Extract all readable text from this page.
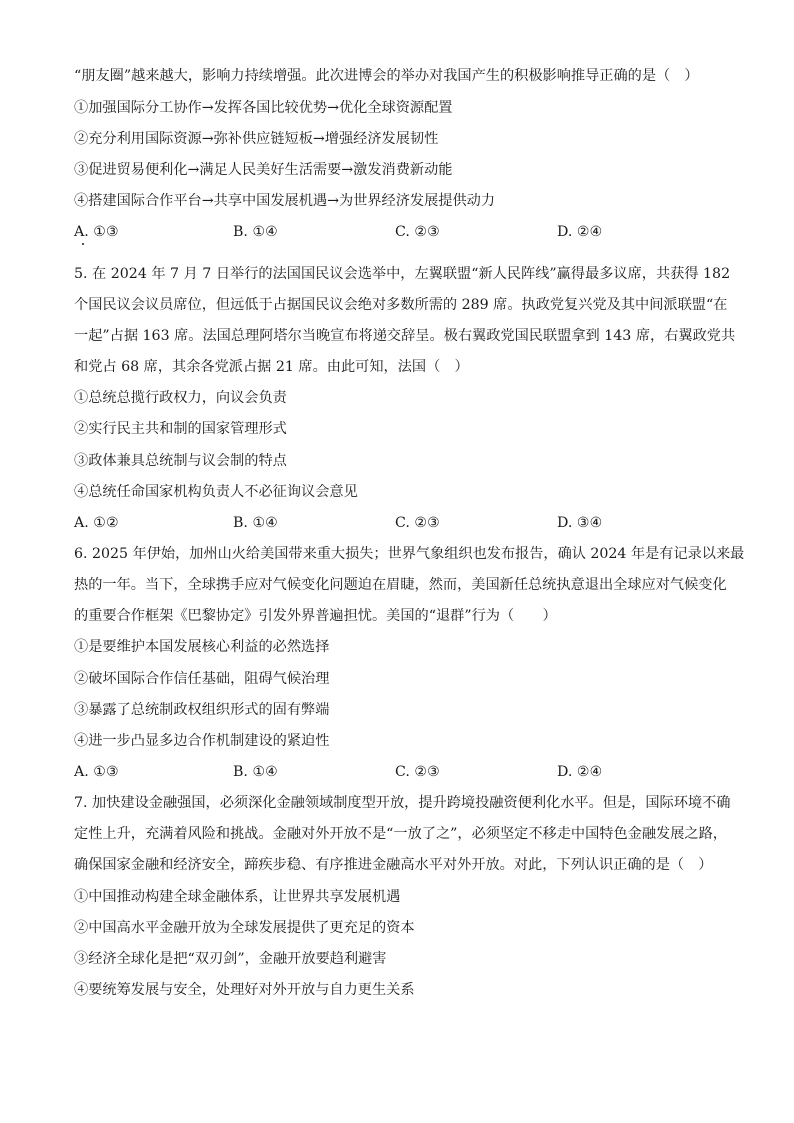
“朋友圈”越来越大，影响力持续增强。此次进博会的举办对我国产生的积极影响推导正确的是（　）
①加强国际分工协作→发挥各国比较优势→优化全球资源配置
②充分利用国际资源→弥补供应链短板→增强经济发展韧性
③促进贸易便利化→满足人民美好生活需要→激发消费新动能
④搭建国际合作平台→共享中国发展机遇→为世界经济发展提供动力
A. ①③	B. ①④	C. ②③	D. ②④
5. 在 2024 年 7 月 7 日举行的法国国民议会选举中，左翼联盟“新人民阵线”赢得最多议席，共获得 182
个国民议会议员席位，但远低于占据国民议会绝对多数所需的 289 席。执政党复兴党及其中间派联盟“在
一起”占据 163 席。法国总理阿塔尔当晚宣布将递交辞呈。极右翼政党国民联盟拿到 143 席，右翼政党共
和党占 68 席，其余各党派占据 21 席。由此可知，法国（　）
①总统总揽行政权力，向议会负责
②实行民主共和制的国家管理形式
③政体兼具总统制与议会制的特点
④总统任命国家机构负责人不必征询议会意见
A. ①②	B. ①④	C. ②③	D. ③④
6. 2025 年伊始，加州山火给美国带来重大损失；世界气象组织也发布报告，确认 2024 年是有记录以来最
热的一年。当下，全球携手应对气候变化问题迫在眉睫，然而，美国新任总统执意退出全球应对气候变化
的重要合作框架《巴黎协定》引发外界普遍担忧。美国的“退群”行为（　　）
①是要维护本国发展核心利益的必然选择
②破坏国际合作信任基础，阻碍气候治理
③暴露了总统制政权组织形式的固有弊端
④进一步凸显多边合作机制建设的紧迫性
A. ①③	B. ①④	C. ②③	D. ②④
7. 加快建设金融强国，必须深化金融领域制度型开放，提升跨境投融资便利化水平。但是，国际环境不确
定性上升，充满着风险和挑战。金融对外开放不是“一放了之”，必须坚定不移走中国特色金融发展之路，
确保国家金融和经济安全，蹄疾步稳、有序推进金融高水平对外开放。对此，下列认识正确的是（　）
①中国推动构建全球金融体系，让世界共享发展机遇
②中国高水平金融开放为全球发展提供了更充足的资本
③经济全球化是把“双刃剑”，金融开放要趋利避害
④要统筹发展与安全，处理好对外开放与自力更生关系
